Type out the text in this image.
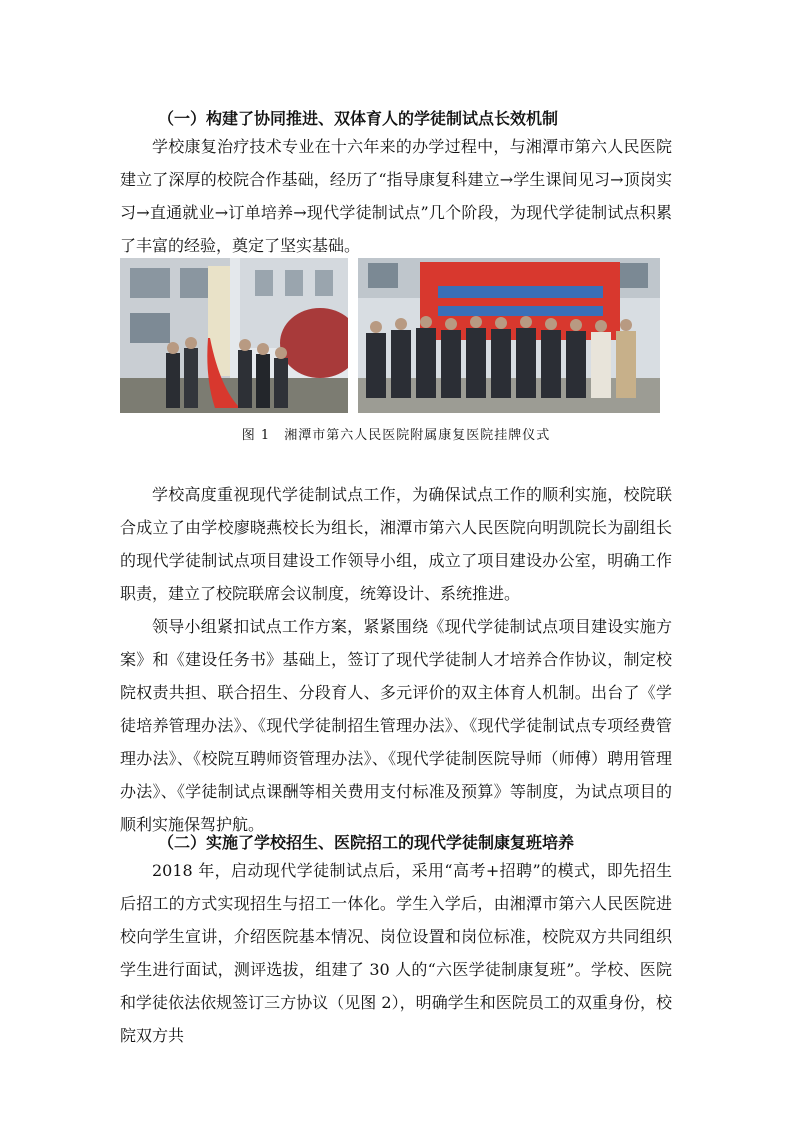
（一）构建了协同推进、双体育人的学徒制试点长效机制

学校康复治疗技术专业在十六年来的办学过程中，与湘潭市第六人民医院建立了深厚的校院合作基础，经历了“指导康复科建立→学生课间见习→顶岗实习→直通就业→订单培养→现代学徒制试点”几个阶段，为现代学徒制试点积累了丰富的经验，奠定了坚实基础。

图 1　湘潭市第六人民医院附属康复医院挂牌仪式

学校高度重视现代学徒制试点工作，为确保试点工作的顺利实施，校院联合成立了由学校廖晓燕校长为组长，湘潭市第六人民医院向明凯院长为副组长的现代学徒制试点项目建设工作领导小组，成立了项目建设办公室，明确工作职责，建立了校院联席会议制度，统筹设计、系统推进。

领导小组紧扣试点工作方案，紧紧围绕《现代学徒制试点项目建设实施方案》和《建设任务书》基础上，签订了现代学徒制人才培养合作协议，制定校院权责共担、联合招生、分段育人、多元评价的双主体育人机制。出台了《学徒培养管理办法》、《现代学徒制招生管理办法》、《现代学徒制试点专项经费管理办法》、《校院互聘师资管理办法》、《现代学徒制医院导师（师傅）聘用管理办法》、《学徒制试点课酬等相关费用支付标准及预算》等制度，为试点项目的顺利实施保驾护航。

（二）实施了学校招生、医院招工的现代学徒制康复班培养

2018 年，启动现代学徒制试点后，采用“高考+招聘”的模式，即先招生后招工的方式实现招生与招工一体化。学生入学后，由湘潭市第六人民医院进校向学生宣讲，介绍医院基本情况、岗位设置和岗位标准，校院双方共同组织学生进行面试，测评选拔，组建了 30 人的“六医学徒制康复班”。学校、医院和学徒依法依规签订三方协议（见图 2），明确学生和医院员工的双重身份，校院双方共
